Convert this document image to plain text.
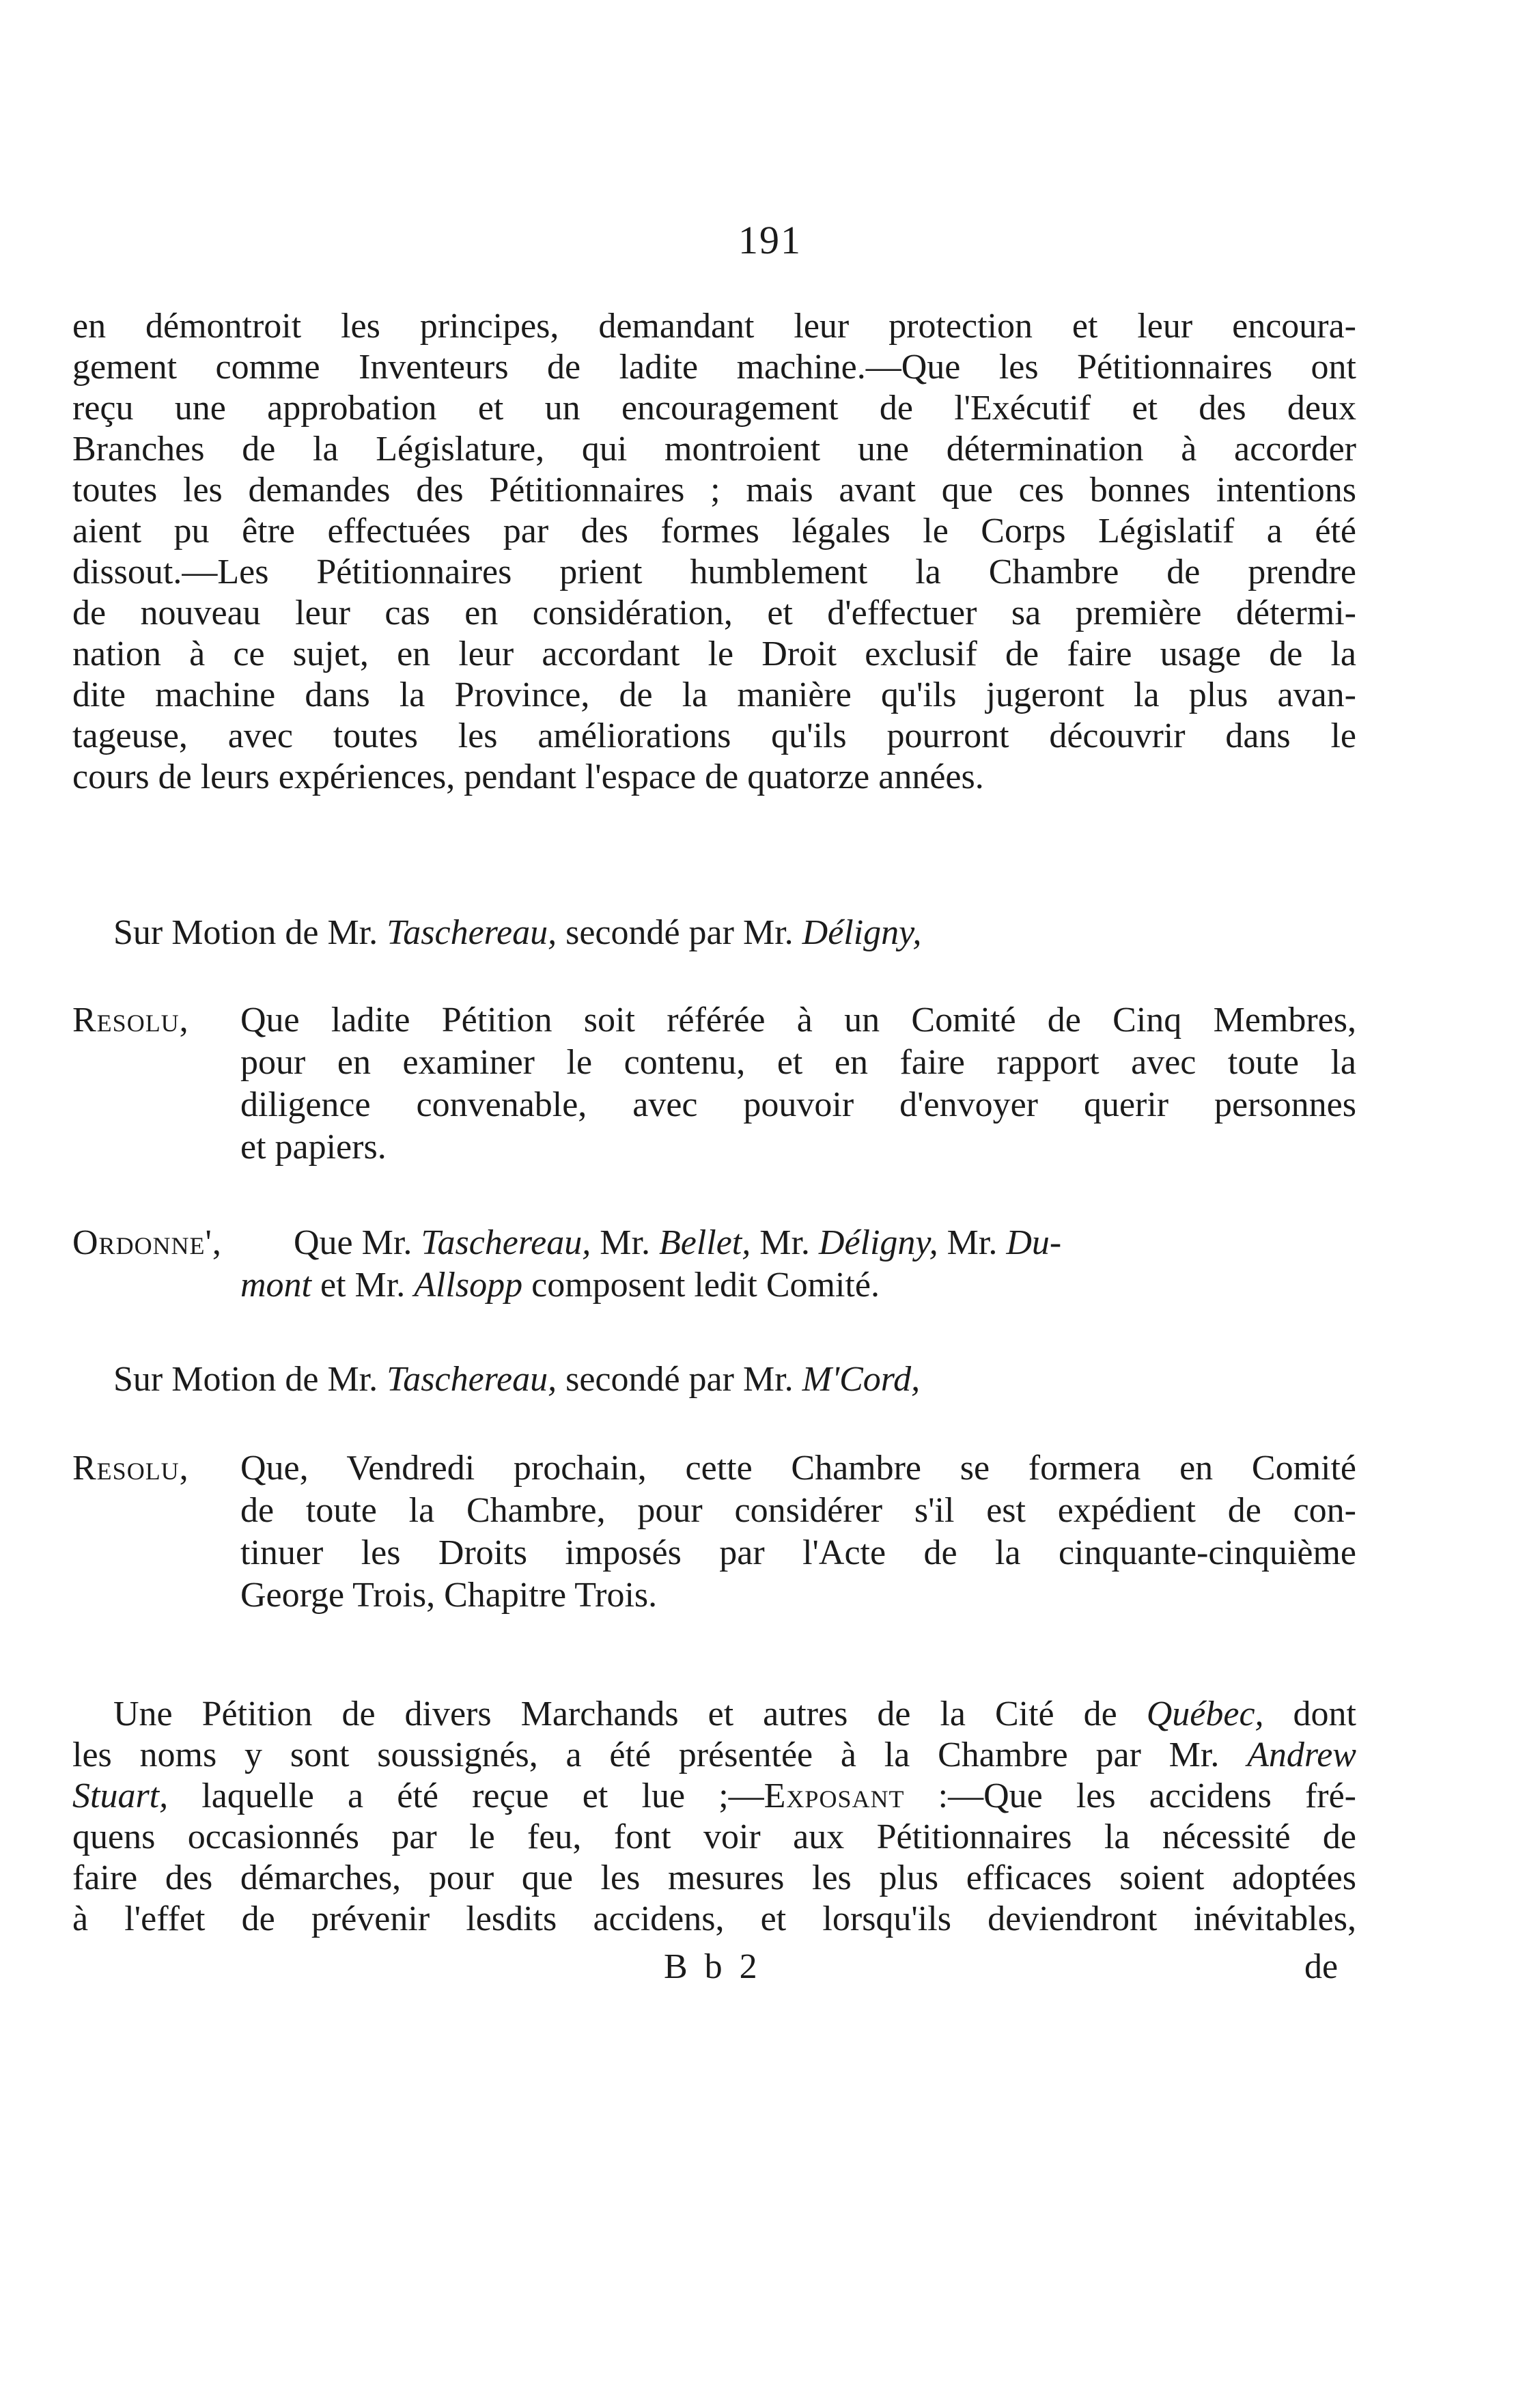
191
en démontroit les principes, demandant leur protection et leur encoura-
gement comme Inventeurs de ladite machine.—Que les Pétitionnaires ont
reçu une approbation et un encouragement de l'Exécutif et des deux
Branches de la Législature, qui montroient une détermination à accorder
toutes les demandes des Pétitionnaires ; mais avant que ces bonnes intentions
aient pu être effectuées par des formes légales le Corps Législatif a été
dissout.—Les Pétitionnaires prient humblement la Chambre de prendre
de nouveau leur cas en considération, et d'effectuer sa première détermi-
nation à ce sujet, en leur accordant le Droit exclusif de faire usage de la
dite machine dans la Province, de la manière qu'ils jugeront la plus avan-
tageuse, avec toutes les améliorations qu'ils pourront découvrir dans le
cours de leurs expériences, pendant l'espace de quatorze années.
Sur Motion de Mr. Taschereau, secondé par Mr. Déligny,
Resolu, Que ladite Pétition soit référée à un Comité de Cinq Membres,
pour en examiner le contenu, et en faire rapport avec toute la
diligence convenable, avec pouvoir d'envoyer querir personnes
et papiers.
Ordonne', Que Mr. Taschereau, Mr. Bellet, Mr. Déligny, Mr. Du-
mont et Mr. Allsopp composent ledit Comité.
Sur Motion de Mr. Taschereau, secondé par Mr. M'Cord,
Resolu, Que, Vendredi prochain, cette Chambre se formera en Comité
de toute la Chambre, pour considérer s'il est expédient de con-
tinuer les Droits imposés par l'Acte de la cinquante-cinquième
George Trois, Chapitre Trois.
Une Pétition de divers Marchands et autres de la Cité de Québec, dont
les noms y sont soussignés, a été présentée à la Chambre par Mr. Andrew
Stuart, laquelle a été reçue et lue ;—Exposant :—Que les accidens fré-
quens occasionnés par le feu, font voir aux Pétitionnaires la nécessité de
faire des démarches, pour que les mesures les plus efficaces soient adoptées
à l'effet de prévenir lesdits accidens, et lorsqu'ils deviendront inévitables,
B b 2	de
